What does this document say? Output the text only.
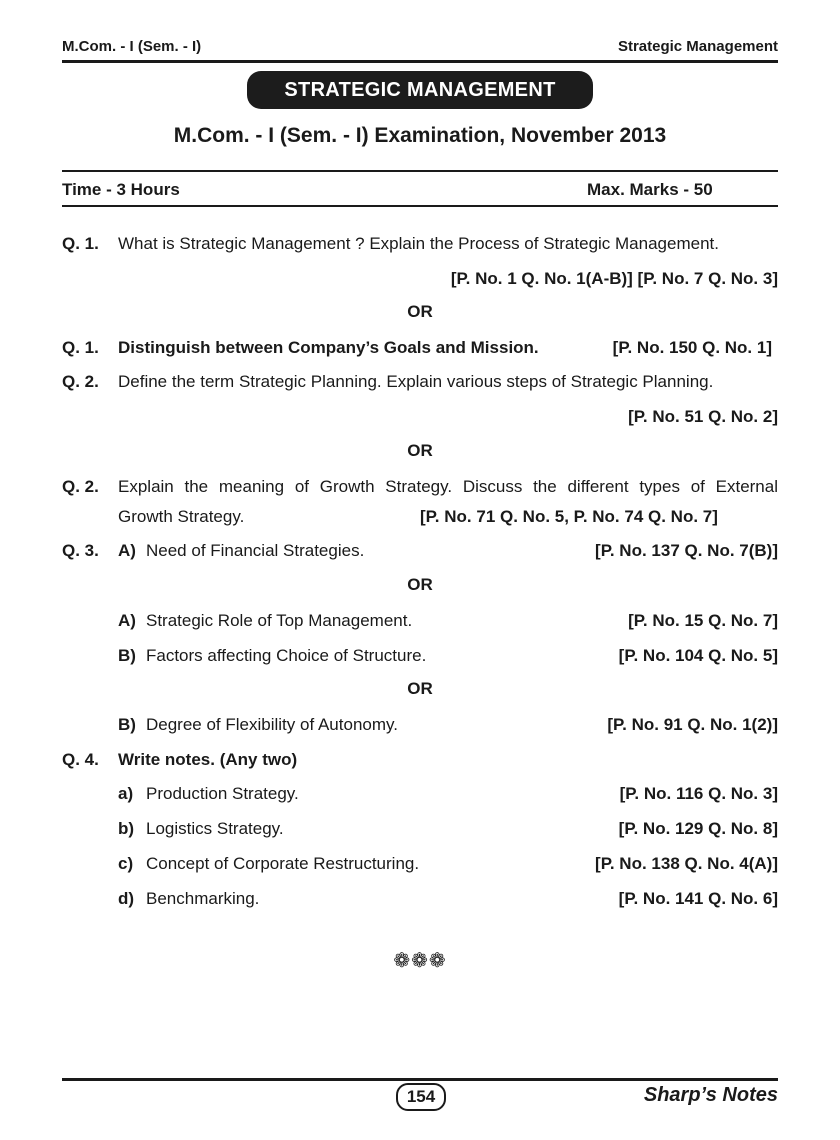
M.Com. - I (Sem. - I)	Strategic Management
STRATEGIC MANAGEMENT
M.Com. - I (Sem. - I) Examination, November 2013
Time - 3 Hours	Max. Marks - 50
Q. 1. What is Strategic Management ? Explain the Process of Strategic Management.
[P. No. 1 Q. No. 1(A-B)] [P. No. 7 Q. No. 3]
OR
Q. 1. Distinguish between Company’s Goals and Mission.	[P. No. 150 Q. No. 1]
Q. 2. Define the term Strategic Planning. Explain various steps of Strategic Planning.
[P. No. 51 Q. No. 2]
OR
Q. 2. Explain the meaning of Growth Strategy. Discuss the different types of External
Growth Strategy.	[P. No. 71 Q. No. 5, P. No. 74 Q. No. 7]
Q. 3. A) Need of Financial Strategies.	[P. No. 137 Q. No. 7(B)]
OR
A) Strategic Role of Top Management.	[P. No. 15 Q. No. 7]
B) Factors affecting Choice of Structure.	[P. No. 104 Q. No. 5]
OR
B) Degree of Flexibility of Autonomy.	[P. No. 91 Q. No. 1(2)]
Q. 4. Write notes. (Any two)
a) Production Strategy.	[P. No. 116 Q. No. 3]
b) Logistics Strategy.	[P. No. 129 Q. No. 8]
c) Concept of Corporate Restructuring.	[P. No. 138 Q. No. 4(A)]
d) Benchmarking.	[P. No. 141 Q. No. 6]
❁❁❁
154	Sharp’s Notes
